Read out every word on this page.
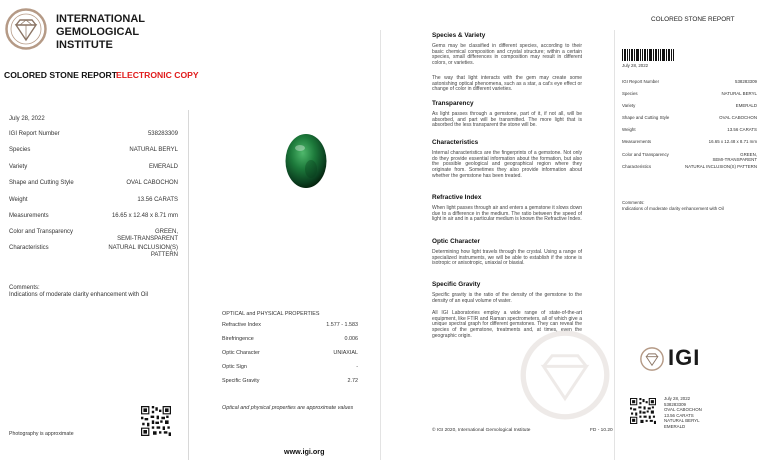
INTERNATIONAL
GEMOLOGICAL
INSTITUTE
COLORED STONE REPORT
ELECTRONIC COPY
July 28, 2022
IGI Report Number	538283309
Species	NATURAL BERYL
Variety	EMERALD
Shape and Cutting Style	OVAL CABOCHON
Weight	13.56 CARATS
Measurements	16.65 x 12.48 x 8.71 mm
Color and Transparency	GREEN,
SEMI-TRANSPARENT
Characteristics	NATURAL INCLUSION(S)
PATTERN
Comments:
Indications of moderate clarity enhancement with Oil
Photography is approximate
OPTICAL and PHYSICAL PROPERTIES
Refractive Index	1.577 - 1.583
Birefringence	0.006
Optic Character	UNIAXIAL
Optic Sign	-
Specific Gravity	2.72
Optical and physical properties are approximate values
www.igi.org
Species & Variety
Gems may be classified in different species, according to their basic chemical composition and crystal structure; within a certain species, small differences in composition may result in different colors, or varieties.
The way that light interacts with the gem may create some astonishing optical phenomena, such as a star, a cat's eye effect or change of color in different varieties.
Transparency
As light passes through a gemstone, part of it, if not all, will be absorbed, and part will be transmitted. The more light that is absorbed the less transparent the stone will be.
Characteristics
Internal characteristics are the fingerprints of a gemstone. Not only do they provide essential information about the formation, but also the possible geological and geographical region where they originate from. Sometimes they also provide information about whether the gemstone has been treated.
Refractive Index
When light passes through air and enters a gemstone it slows down due to a difference in the medium. The ratio between the speed of light in air and in a particular medium is known the Refractive Index.
Optic Character
Determining how light travels through the crystal. Using a range of specialized instruments, we will be able to establish if the stone is isotropic or anisotropic, uniaxial or biaxial.
Specific Gravity
Specific gravity is the ratio of the density of the gemstone to the density of an equal volume of water.
All IGI Laboratories employ a wide range of state-of-the-art equipment, like FTIR and Raman spectrometers, all of which give a unique spectral graph for different gemstones. They can reveal the species of the gemstone, treatments and, at times, even the geographic origin.
© IGI 2020, International Gemological Institute	FD - 10.20
COLORED STONE REPORT
July 28, 2022
IGI Report Number	538283309
Species	NATURAL BERYL
Variety	EMERALD
Shape and Cutting Style	OVAL CABOCHON
Weight	13.56 CARATS
Measurements	16.65 x 12.48 x 8.71 mm
Color and Transparency	GREEN,
SEMI-TRANSPARENT
Characteristics	NATURAL INCLUSION(S) PATTERN
Comments:
Indications of moderate clarity enhancement with Oil
IGI
July 28, 2022
538283309
OVAL CABOCHON
13.56 CARATS
NATURAL BERYL
EMERALD
